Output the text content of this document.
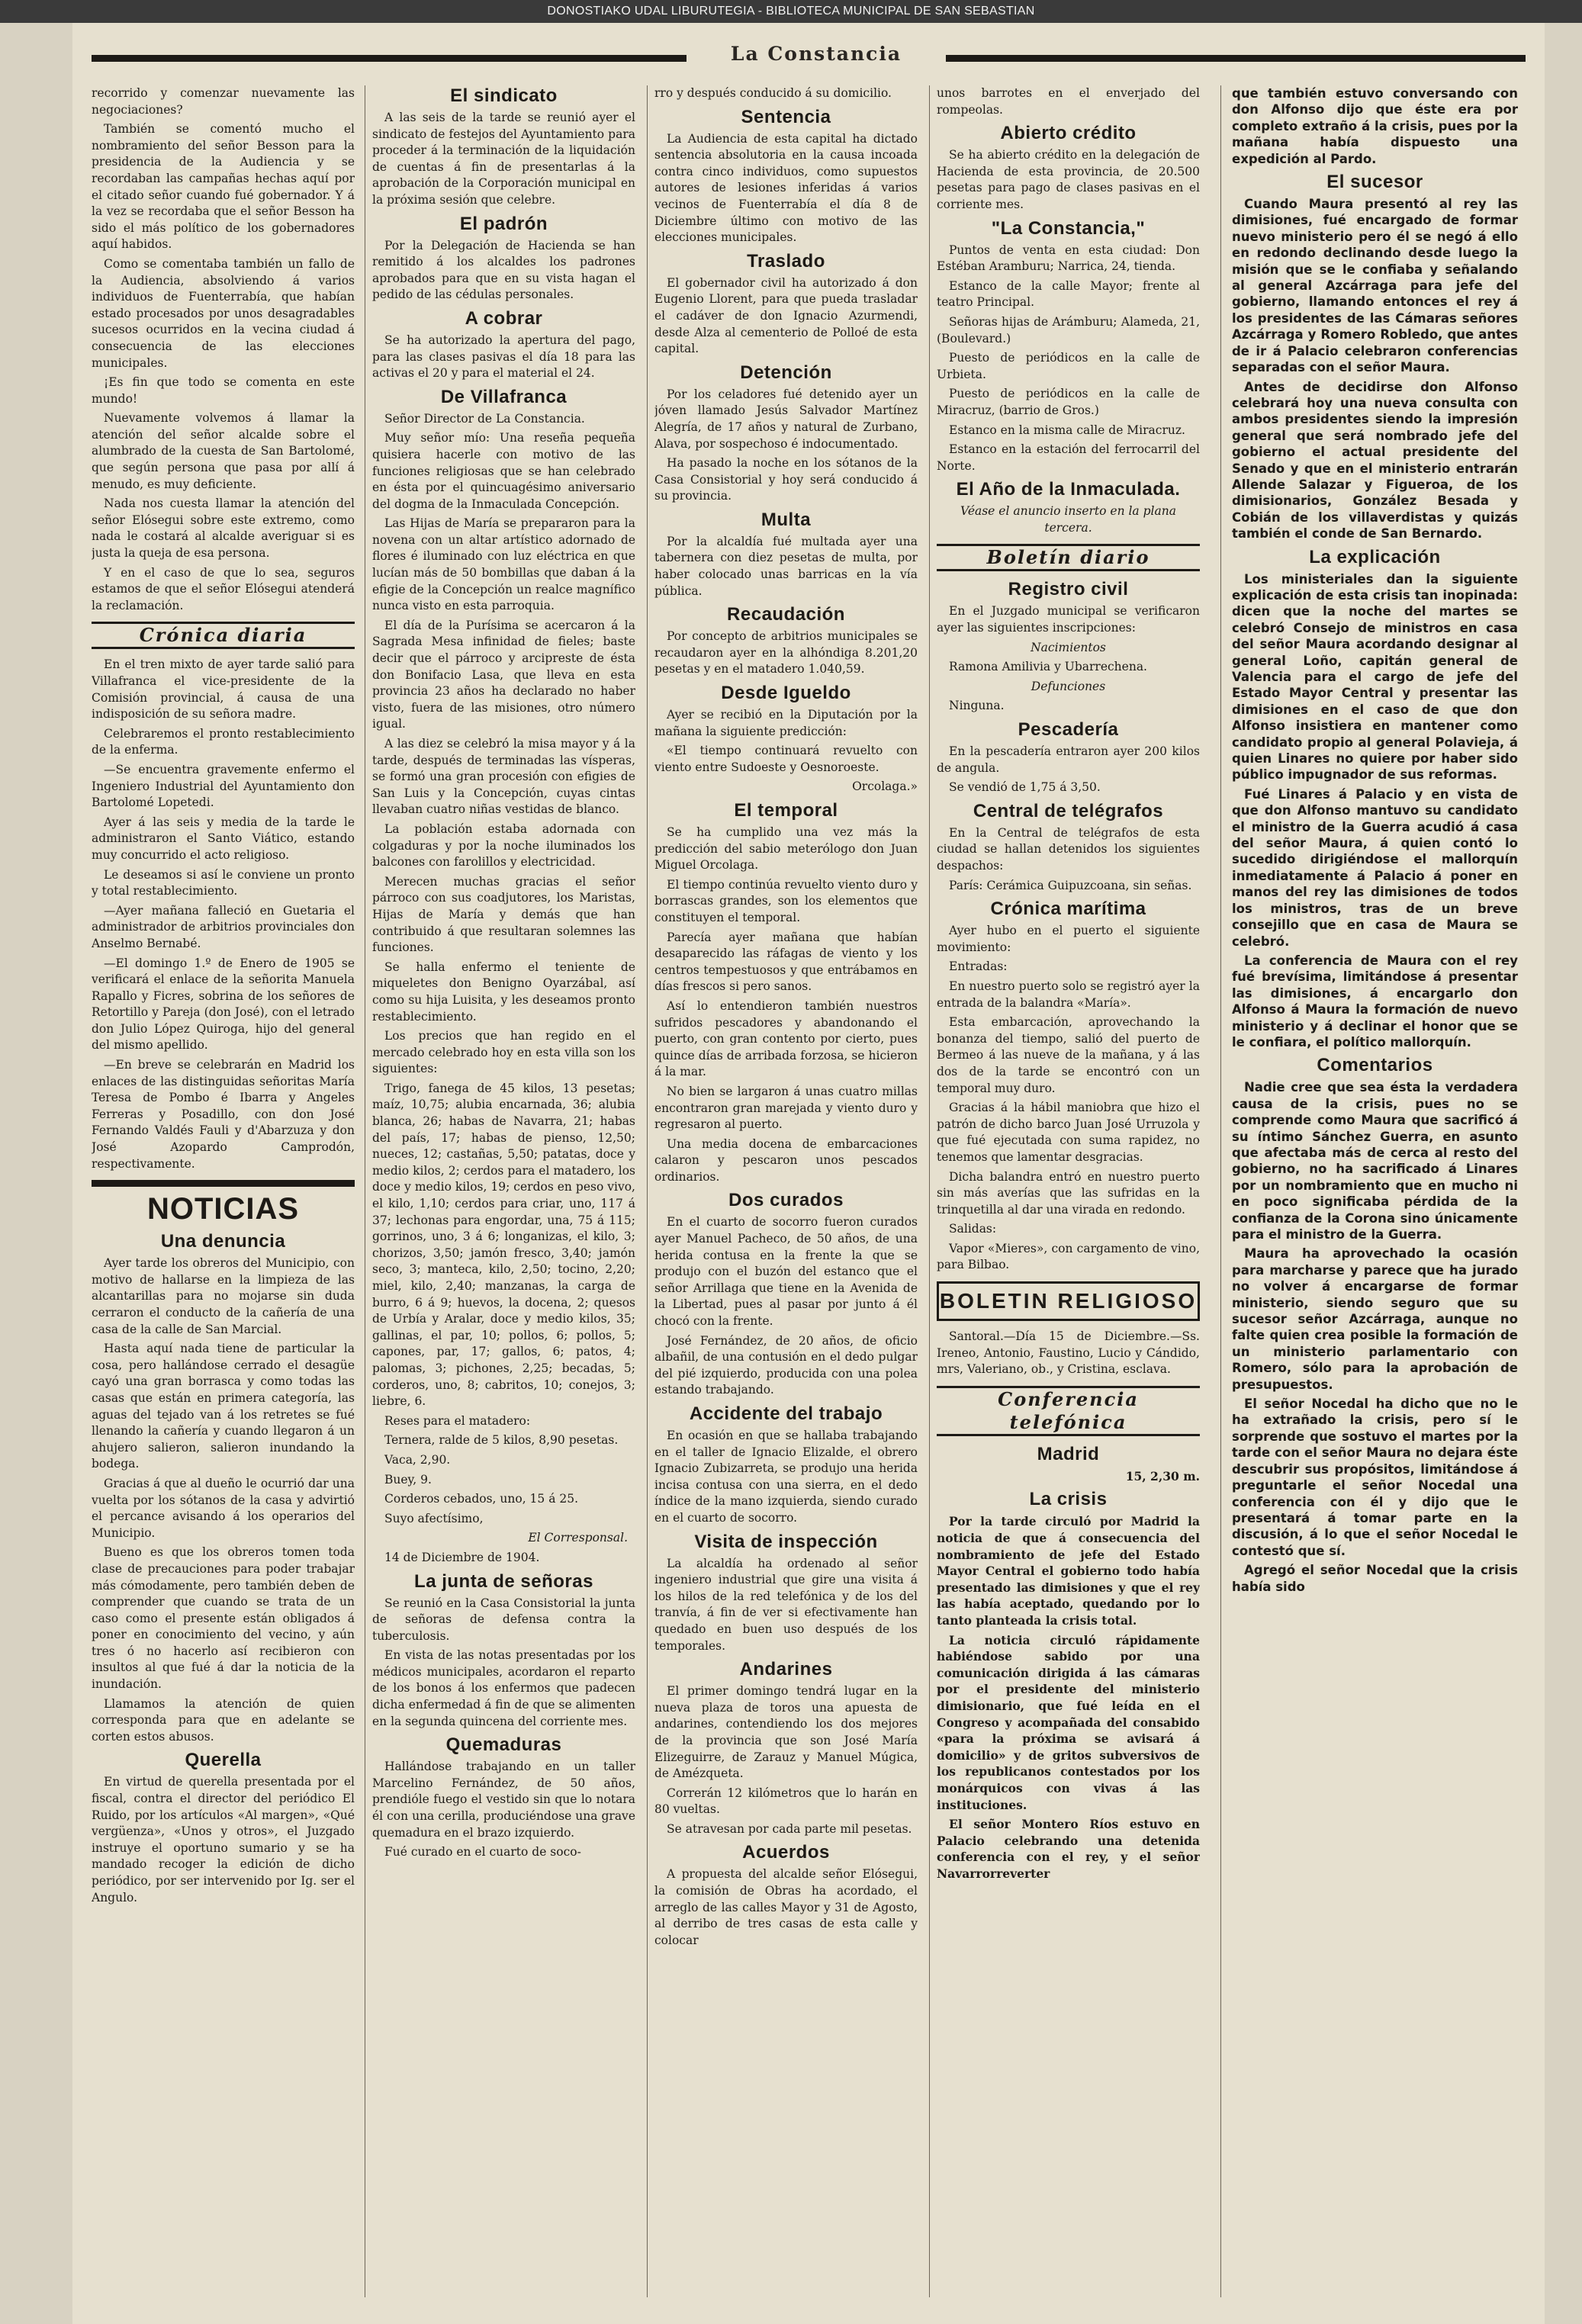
DONOSTIAKO UDAL LIBURUTEGIA - BIBLIOTECA MUNICIPAL DE SAN SEBASTIAN
La Constancia

recorrido y comenzar nuevamente las negociaciones?

También se comentó mucho el nombramiento del señor Besson para la presidencia de la Audiencia y se recordaban las campañas hechas aquí por el citado señor cuando fué gobernador. Y á la vez se recordaba que el señor Besson ha sido el más político de los gobernadores aquí habidos.

Como se comentaba también un fallo de la Audiencia, absolviendo á varios individuos de Fuenterrabía, que habían estado procesados por unos desagradables sucesos ocurridos en la vecina ciudad á consecuencia de las elecciones municipales.

¡Es fin que todo se comenta en este mundo!

Nuevamente volvemos á llamar la atención del señor alcalde sobre el alumbrado de la cuesta de San Bartolomé, que según persona que pasa por allí á menudo, es muy deficiente.

Nada nos cuesta llamar la atención del señor Elósegui sobre este extremo, como nada le costará al alcalde averiguar si es justa la queja de esa persona.

Y en el caso de que lo sea, seguros estamos de que el señor Elósegui atenderá la reclamación.

Crónica diaria

En el tren mixto de ayer tarde salió para Villafranca el vice-presidente de la Comisión provincial, á causa de una indisposición de su señora madre.

Celebraremos el pronto restablecimiento de la enferma.

—Se encuentra gravemente enfermo el Ingeniero Industrial del Ayuntamiento don Bartolomé Lopetedi.

Ayer á las seis y media de la tarde le administraron el Santo Viático, estando muy concurrido el acto religioso.

Le deseamos si así le conviene un pronto y total restablecimiento.

—Ayer mañana falleció en Guetaria el administrador de arbitrios provinciales don Anselmo Bernabé.

—El domingo 1.º de Enero de 1905 se verificará el enlace de la señorita Manuela Rapallo y Ficres, sobrina de los señores de Retortillo y Pareja (don José), con el letrado don Julio López Quiroga, hijo del general del mismo apellido.

—En breve se celebrarán en Madrid los enlaces de las distinguidas señoritas María Teresa de Pombo é Ibarra y Angeles Ferreras y Posadillo, con don José Fernando Valdés Fauli y d'Abarzuza y don José Azopardo Camprodón, respectivamente.

NOTICIAS
Una denuncia

Ayer tarde los obreros del Municipio, con motivo de hallarse en la limpieza de las alcantarillas para no mojarse sin duda cerraron el conducto de la cañería de una casa de la calle de San Marcial.

Hasta aquí nada tiene de particular la cosa, pero hallándose cerrado el desagüe cayó una gran borrasca y como todas las casas que están en primera categoría, las aguas del tejado van á los retretes se fué llenando la cañería y cuando llegaron á un ahujero salieron, salieron inundando la bodega.

Gracias á que al dueño le ocurrió dar una vuelta por los sótanos de la casa y advirtió el percance avisando á los operarios del Municipio.

Bueno es que los obreros tomen toda clase de precauciones para poder trabajar más cómodamente, pero también deben de comprender que cuando se trata de un caso como el presente están obligados á poner en conocimiento del vecino, y aún tres ó no hacerlo así recibieron con insultos al que fué á dar la noticia de la inundación.

Llamamos la atención de quien corresponda para que en adelante se corten estos abusos.

Querella

En virtud de querella presentada por el fiscal, contra el director del periódico El Ruido, por los artículos «Al margen», «Qué vergüenza», «Unos y otros», el Juzgado instruye el oportuno sumario y se ha mandado recoger la edición de dicho periódico, por ser intervenido por Ig. ser el Angulo.

El sindicato

A las seis de la tarde se reunió ayer el sindicato de festejos del Ayuntamiento para proceder á la terminación de la liquidación de cuentas á fin de presentarlas á la aprobación de la Corporación municipal en la próxima sesión que celebre.

El padrón

Por la Delegación de Hacienda se han remitido á los alcaldes los padrones aprobados para que en su vista hagan el pedido de las cédulas personales.

A cobrar

Se ha autorizado la apertura del pago, para las clases pasivas el día 18 para las activas el 20 y para el material el 24.

De Villafranca

Señor Director de La Constancia.

Muy señor mío: Una reseña pequeña quisiera hacerle con motivo de las funciones religiosas que se han celebrado en ésta por el quincuagésimo aniversario del dogma de la Inmaculada Concepción.

Las Hijas de María se prepararon para la novena con un altar artístico adornado de flores é iluminado con luz eléctrica en que lucían más de 50 bombillas que daban á la efigie de la Concepción un realce magnífico nunca visto en esta parroquia.

El día de la Purísima se acercaron á la Sagrada Mesa infinidad de fieles; baste decir que el párroco y arcipreste de ésta don Bonifacio Lasa, que lleva en esta provincia 23 años ha declarado no haber visto, fuera de las misiones, otro número igual.

A las diez se celebró la misa mayor y á la tarde, después de terminadas las vísperas, se formó una gran procesión con efigies de San Luis y la Concepción, cuyas cintas llevaban cuatro niñas vestidas de blanco.

La población estaba adornada con colgaduras y por la noche iluminados los balcones con farolillos y electricidad.

Merecen muchas gracias el señor párroco con sus coadjutores, los Maristas, Hijas de María y demás que han contribuido á que resultaran solemnes las funciones.

Se halla enfermo el teniente de miqueletes don Benigno Oyarzábal, así como su hija Luisita, y les deseamos pronto restablecimiento.

Los precios que han regido en el mercado celebrado hoy en esta villa son los siguientes:

Trigo, fanega de 45 kilos, 13 pesetas; maíz, 10,75; alubia encarnada, 36; alubia blanca, 26; habas de Navarra, 21; habas del país, 17; habas de pienso, 12,50; nueces, 12; castañas, 5,50; patatas, doce y medio kilos, 2; cerdos para el matadero, los doce y medio kilos, 19; cerdos en peso vivo, el kilo, 1,10; cerdos para criar, uno, 117 á 37; lechonas para engordar, una, 75 á 115; gorrinos, uno, 3 á 6; longanizas, el kilo, 3; chorizos, 3,50; jamón fresco, 3,40; jamón seco, 3; manteca, kilo, 2,50; tocino, 2,20; miel, kilo, 2,40; manzanas, la carga de burro, 6 á 9; huevos, la docena, 2; quesos de Urbía y Aralar, doce y medio kilos, 35; gallinas, el par, 10; pollos, 6; pollos, 5; capones, par, 17; gallos, 6; patos, 4; palomas, 3; pichones, 2,25; becadas, 5; corderos, uno, 8; cabritos, 10; conejos, 3; liebre, 6.

Reses para el matadero:

Ternera, ralde de 5 kilos, 8,90 pesetas.

Vaca, 2,90.

Buey, 9.

Corderos cebados, uno, 15 á 25.

Suyo afectísimo,

El Corresponsal.

14 de Diciembre de 1904.

La junta de señoras

Se reunió en la Casa Consistorial la junta de señoras de defensa contra la tuberculosis.

En vista de las notas presentadas por los médicos municipales, acordaron el reparto de los bonos á los enfermos que padecen dicha enfermedad á fin de que se alimenten en la segunda quincena del corriente mes.

Quemaduras

Hallándose trabajando en un taller Marcelino Fernández, de 50 años, prendióle fuego el vestido sin que lo notara él con una cerilla, produciéndose una grave quemadura en el brazo izquierdo.

Fué curado en el cuarto de soco-

rro y después conducido á su domicilio.

Sentencia

La Audiencia de esta capital ha dictado sentencia absolutoria en la causa incoada contra cinco individuos, como supuestos autores de lesiones inferidas á varios vecinos de Fuenterrabía el día 8 de Diciembre último con motivo de las elecciones municipales.

Traslado

El gobernador civil ha autorizado á don Eugenio Llorent, para que pueda trasladar el cadáver de don Ignacio Azurmendi, desde Alza al cementerio de Polloé de esta capital.

Detención

Por los celadores fué detenido ayer un jóven llamado Jesús Salvador Martínez Alegría, de 17 años y natural de Zurbano, Alava, por sospechoso é indocumentado.

Ha pasado la noche en los sótanos de la Casa Consistorial y hoy será conducido á su provincia.

Multa

Por la alcaldía fué multada ayer una tabernera con diez pesetas de multa, por haber colocado unas barricas en la vía pública.

Recaudación

Por concepto de arbitrios municipales se recaudaron ayer en la alhóndiga 8.201,20 pesetas y en el matadero 1.040,59.

Desde Igueldo

Ayer se recibió en la Diputación por la mañana la siguiente predicción:

«El tiempo continuará revuelto con viento entre Sudoeste y Oesnoroeste.

Orcolaga.»

El temporal

Se ha cumplido una vez más la predicción del sabio meterólogo don Juan Miguel Orcolaga.

El tiempo continúa revuelto viento duro y borrascas grandes, son los elementos que constituyen el temporal.

Parecía ayer mañana que habían desaparecido las ráfagas de viento y los centros tempestuosos y que entrábamos en días frescos si pero sanos.

Así lo entendieron también nuestros sufridos pescadores y abandonando el puerto, con gran contento por cierto, pues quince días de arribada forzosa, se hicieron á la mar.

No bien se largaron á unas cuatro millas encontraron gran marejada y viento duro y regresaron al puerto.

Una media docena de embarcaciones calaron y pescaron unos pescados ordinarios.

Dos curados

En el cuarto de socorro fueron curados ayer Manuel Pacheco, de 50 años, de una herida contusa en la frente la que se produjo con el buzón del estanco que el señor Arrillaga que tiene en la Avenida de la Libertad, pues al pasar por junto á él chocó con la frente.

José Fernández, de 20 años, de oficio albañil, de una contusión en el dedo pulgar del pié izquierdo, producida con una polea estando trabajando.

Accidente del trabajo

En ocasión en que se hallaba trabajando en el taller de Ignacio Elizalde, el obrero Ignacio Zubizarreta, se produjo una herida incisa contusa con una sierra, en el dedo índice de la mano izquierda, siendo curado en el cuarto de socorro.

Visita de inspección

La alcaldía ha ordenado al señor ingeniero industrial que gire una visita á los hilos de la red telefónica y de los del tranvía, á fin de ver si efectivamente han quedado en buen uso después de los temporales.

Andarines

El primer domingo tendrá lugar en la nueva plaza de toros una apuesta de andarines, contendiendo los dos mejores de la provincia que son José María Elizeguirre, de Zarauz y Manuel Múgica, de Amézqueta.

Correrán 12 kilómetros que lo harán en 80 vueltas.

Se atravesan por cada parte mil pesetas.

Acuerdos

A propuesta del alcalde señor Elósegui, la comisión de Obras ha acordado, el arreglo de las calles Mayor y 31 de Agosto, al derribo de tres casas de esta calle y colocar

unos barrotes en el enverjado del rompeolas.

Abierto crédito

Se ha abierto crédito en la delegación de Hacienda de esta provincia, de 20.500 pesetas para pago de clases pasivas en el corriente mes.

"La Constancia,"

Puntos de venta en esta ciudad: Don Estéban Aramburu; Narrica, 24, tienda.

Estanco de la calle Mayor; frente al teatro Principal.

Señoras hijas de Arámburu; Alameda, 21, (Boulevard.)

Puesto de periódicos en la calle de Urbieta.

Puesto de periódicos en la calle de Miracruz, (barrio de Gros.)

Estanco en la misma calle de Miracruz.

Estanco en la estación del ferrocarril del Norte.

El Año de la Inmaculada.

Véase el anuncio inserto en la plana tercera.

Boletín diario
Registro civil

En el Juzgado municipal se verificaron ayer las siguientes inscripciones:

Nacimientos

Ramona Amilivia y Ubarrechena.

Defunciones

Ninguna.

Pescadería

En la pescadería entraron ayer 200 kilos de angula.

Se vendió de 1,75 á 3,50.

Central de telégrafos

En la Central de telégrafos de esta ciudad se hallan detenidos los siguientes despachos:

París: Cerámica Guipuzcoana, sin señas.

Crónica marítima

Ayer hubo en el puerto el siguiente movimiento:

Entradas:

En nuestro puerto solo se registró ayer la entrada de la balandra «María».

Esta embarcación, aprovechando la bonanza del tiempo, salió del puerto de Bermeo á las nueve de la mañana, y á las dos de la tarde se encontró con un temporal muy duro.

Gracias á la hábil maniobra que hizo el patrón de dicho barco Juan José Urruzola y que fué ejecutada con suma rapidez, no tenemos que lamentar desgracias.

Dicha balandra entró en nuestro puerto sin más averías que las sufridas en la trinquetilla al dar una virada en redondo.

Salidas:

Vapor «Mieres», con cargamento de vino, para Bilbao.

BOLETIN RELIGIOSO

Santoral.—Día 15 de Diciembre.—Ss. Ireneo, Antonio, Faustino, Lucio y Cándido, mrs, Valeriano, ob., y Cristina, esclava.

Conferencia telefónica
Madrid

15, 2,30 m.

La crisis

Por la tarde circuló por Madrid la noticia de que á consecuencia del nombramiento de jefe del Estado Mayor Central el gobierno todo había presentado las dimisiones y que el rey las había aceptado, quedando por lo tanto planteada la crisis total.

La noticia circuló rápidamente habiéndose sabido por una comunicación dirigida á las cámaras por el presidente del ministerio dimisionario, que fué leída en el Congreso y acompañada del consabido «para la próxima se avisará á domicilio» y de gritos subversivos de los republicanos contestados por los monárquicos con vivas á las instituciones.

El señor Montero Ríos estuvo en Palacio celebrando una detenida conferencia con el rey, y el señor Navarrorreverter

que también estuvo conversando con don Alfonso dijo que éste era por completo extraño á la crisis, pues por la mañana había dispuesto una expedición al Pardo.

El sucesor

Cuando Maura presentó al rey las dimisiones, fué encargado de formar nuevo ministerio pero él se negó á ello en redondo declinando desde luego la misión que se le confiaba y señalando al general Azcárraga para jefe del gobierno, llamando entonces el rey á los presidentes de las Cámaras señores Azcárraga y Romero Robledo, que antes de ir á Palacio celebraron conferencias separadas con el señor Maura.

Antes de decidirse don Alfonso celebrará hoy una nueva consulta con ambos presidentes siendo la impresión general que será nombrado jefe del gobierno el actual presidente del Senado y que en el ministerio entrarán Allende Salazar y Figueroa, de los dimisionarios, González Besada y Cobián de los villaverdistas y quizás también el conde de San Bernardo.

La explicación

Los ministeriales dan la siguiente explicación de esta crisis tan inopinada: dicen que la noche del martes se celebró Consejo de ministros en casa del señor Maura acordando designar al general Loño, capitán general de Valencia para el cargo de jefe del Estado Mayor Central y presentar las dimisiones en el caso de que don Alfonso insistiera en mantener como candidato propio al general Polavieja, á quien Linares no quiere por haber sido público impugnador de sus reformas.

Fué Linares á Palacio y en vista de que don Alfonso mantuvo su candidato el ministro de la Guerra acudió á casa del señor Maura, á quien contó lo sucedido dirigiéndose el mallorquín inmediatamente á Palacio á poner en manos del rey las dimisiones de todos los ministros, tras de un breve consejillo que en casa de Maura se celebró.

La conferencia de Maura con el rey fué brevísima, limitándose á presentar las dimisiones, á encargarlo don Alfonso á Maura la formación de nuevo ministerio y á declinar el honor que se le confiara, el político mallorquín.

Comentarios

Nadie cree que sea ésta la verdadera causa de la crisis, pues no se comprende como Maura que sacrificó á su íntimo Sánchez Guerra, en asunto que afectaba más de cerca al resto del gobierno, no ha sacrificado á Linares por un nombramiento que en mucho ni en poco significaba pérdida de la confianza de la Corona sino únicamente para el ministro de la Guerra.

Maura ha aprovechado la ocasión para marcharse y parece que ha jurado no volver á encargarse de formar ministerio, siendo seguro que su sucesor señor Azcárraga, aunque no falte quien crea posible la formación de un ministerio parlamentario con Romero, sólo para la aprobación de presupuestos.

El señor Nocedal ha dicho que no le ha extrañado la crisis, pero sí le sorprende que sostuvo el martes por la tarde con el señor Maura no dejara éste descubrir sus propósitos, limitándose á preguntarle el señor Nocedal una conferencia con él y dijo que le presentará á tomar parte en la discusión, á lo que el señor Nocedal le contestó que sí.

Agregó el señor Nocedal que la crisis había sido
